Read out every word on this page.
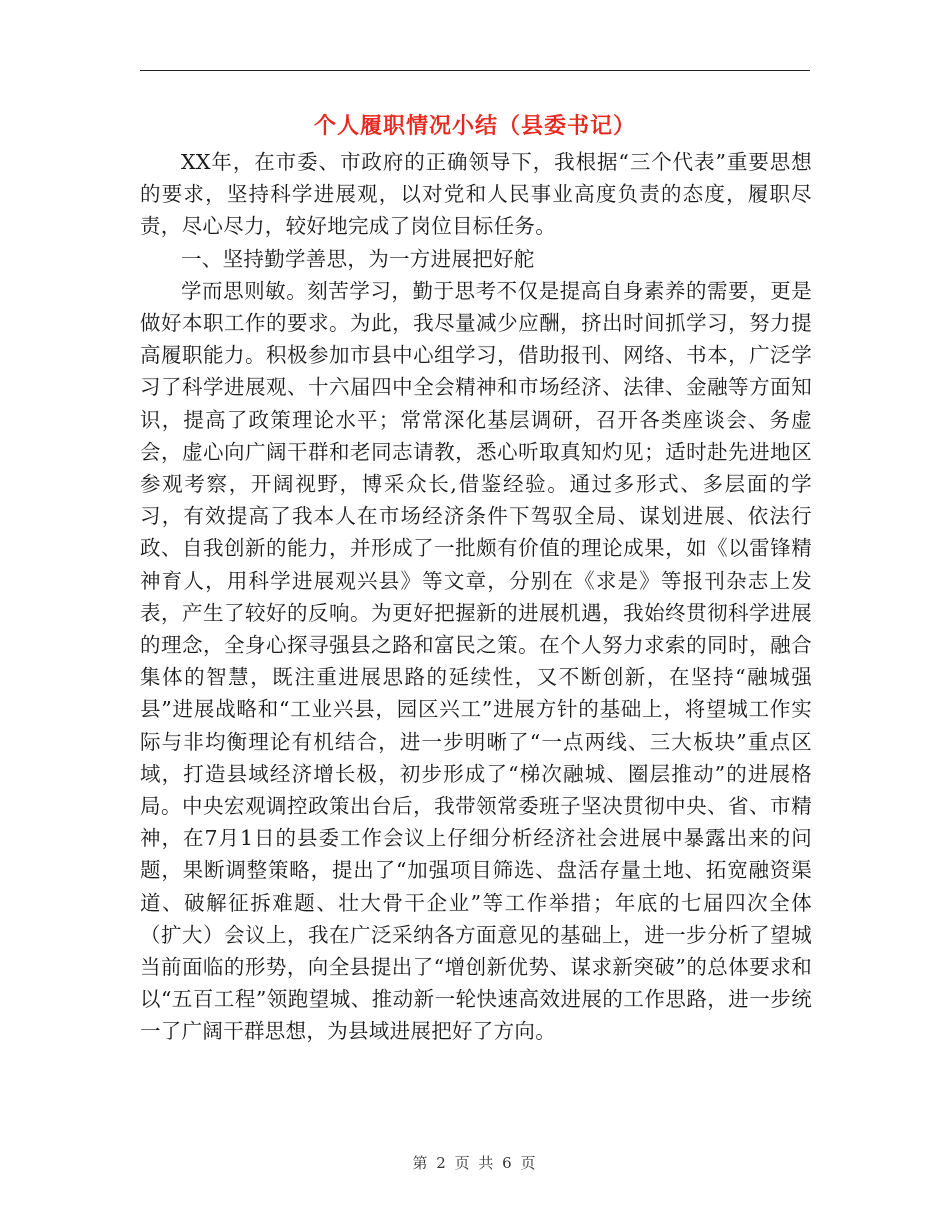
个人履职情况小结（县委书记）

XX年，在市委、市政府的正确领导下，我根据“三个代表”重要思想的要求，坚持科学进展观，以对党和人民事业高度负责的态度，履职尽责，尽心尽力，较好地完成了岗位目标任务。

一、坚持勤学善思，为一方进展把好舵

学而思则敏。刻苦学习，勤于思考不仅是提高自身素养的需要，更是做好本职工作的要求。为此，我尽量减少应酬，挤出时间抓学习，努力提高履职能力。积极参加市县中心组学习，借助报刊、网络、书本，广泛学习了科学进展观、十六届四中全会精神和市场经济、法律、金融等方面知识，提高了政策理论水平；常常深化基层调研，召开各类座谈会、务虚会，虚心向广阔干群和老同志请教，悉心听取真知灼见；适时赴先进地区参观考察，开阔视野，博采众长,借鉴经验。通过多形式、多层面的学习，有效提高了我本人在市场经济条件下驾驭全局、谋划进展、依法行政、自我创新的能力，并形成了一批颇有价值的理论成果，如《以雷锋精神育人，用科学进展观兴县》等文章，分别在《求是》等报刊杂志上发表，产生了较好的反响。为更好把握新的进展机遇，我始终贯彻科学进展的理念，全身心探寻强县之路和富民之策。在个人努力求索的同时，融合集体的智慧，既注重进展思路的延续性，又不断创新，在坚持“融城强县”进展战略和“工业兴县，园区兴工”进展方针的基础上，将望城工作实际与非均衡理论有机结合，进一步明晰了“一点两线、三大板块”重点区域，打造县域经济增长极，初步形成了“梯次融城、圈层推动”的进展格局。中央宏观调控政策出台后，我带领常委班子坚决贯彻中央、省、市精神，在7月1日的县委工作会议上仔细分析经济社会进展中暴露出来的问题，果断调整策略，提出了“加强项目筛选、盘活存量土地、拓宽融资渠道、破解征拆难题、壮大骨干企业”等工作举措；年底的七届四次全体（扩大）会议上，我在广泛采纳各方面意见的基础上，进一步分析了望城当前面临的形势，向全县提出了“增创新优势、谋求新突破”的总体要求和以“五百工程”领跑望城、推动新一轮快速高效进展的工作思路，进一步统一了广阔干群思想，为县域进展把好了方向。

第 2 页 共 6 页
